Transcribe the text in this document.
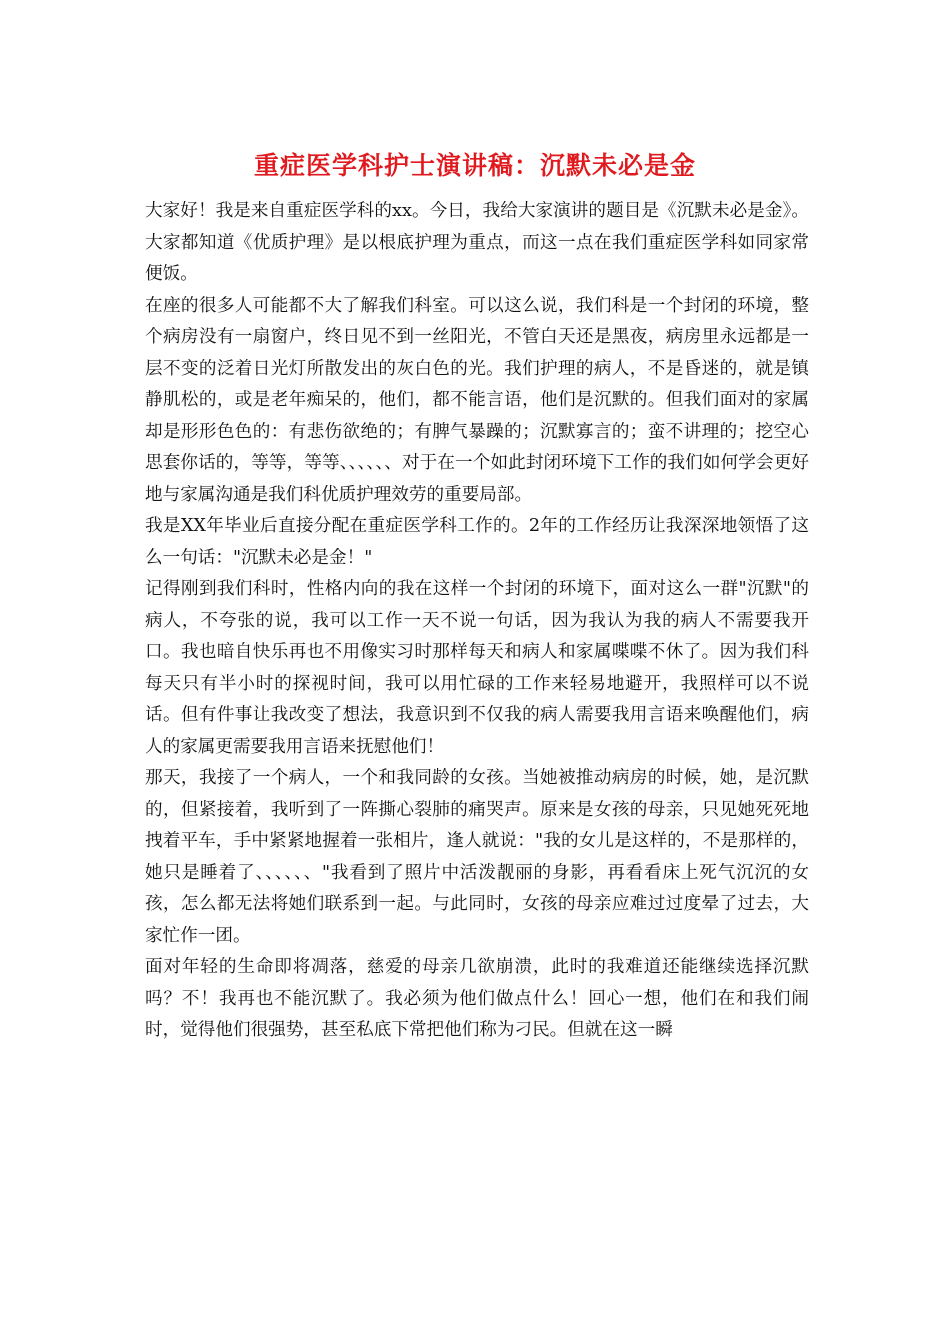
重症医学科护士演讲稿：沉默未必是金

大家好！我是来自重症医学科的xx。今日，我给大家演讲的题目是《沉默未必是金》。大家都知道《优质护理》是以根底护理为重点，而这一点在我们重症医学科如同家常便饭。

在座的很多人可能都不大了解我们科室。可以这么说，我们科是一个封闭的环境，整个病房没有一扇窗户，终日见不到一丝阳光，不管白天还是黑夜，病房里永远都是一层不变的泛着日光灯所散发出的灰白色的光。我们护理的病人，不是昏迷的，就是镇静肌松的，或是老年痴呆的，他们，都不能言语，他们是沉默的。但我们面对的家属却是形形色色的：有悲伤欲绝的；有脾气暴躁的；沉默寡言的；蛮不讲理的；挖空心思套你话的，等等，等等、、、、、、对于在一个如此封闭环境下工作的我们如何学会更好地与家属沟通是我们科优质护理效劳的重要局部。

我是XX年毕业后直接分配在重症医学科工作的。2年的工作经历让我深深地领悟了这么一句话："沉默未必是金！"

记得刚到我们科时，性格内向的我在这样一个封闭的环境下，面对这么一群"沉默"的病人，不夸张的说，我可以工作一天不说一句话，因为我认为我的病人不需要我开口。我也暗自快乐再也不用像实习时那样每天和病人和家属喋喋不休了。因为我们科每天只有半小时的探视时间，我可以用忙碌的工作来轻易地避开，我照样可以不说话。但有件事让我改变了想法，我意识到不仅我的病人需要我用言语来唤醒他们，病人的家属更需要我用言语来抚慰他们！

那天，我接了一个病人，一个和我同龄的女孩。当她被推动病房的时候，她，是沉默的，但紧接着，我听到了一阵撕心裂肺的痛哭声。原来是女孩的母亲，只见她死死地拽着平车，手中紧紧地握着一张相片，逢人就说："我的女儿是这样的，不是那样的，她只是睡着了、、、、、、"我看到了照片中活泼靓丽的身影，再看看床上死气沉沉的女孩，怎么都无法将她们联系到一起。与此同时，女孩的母亲应难过过度晕了过去，大家忙作一团。

面对年轻的生命即将凋落，慈爱的母亲几欲崩溃，此时的我难道还能继续选择沉默吗？不！我再也不能沉默了。我必须为他们做点什么！回心一想，他们在和我们闹时，觉得他们很强势，甚至私底下常把他们称为刁民。但就在这一瞬
